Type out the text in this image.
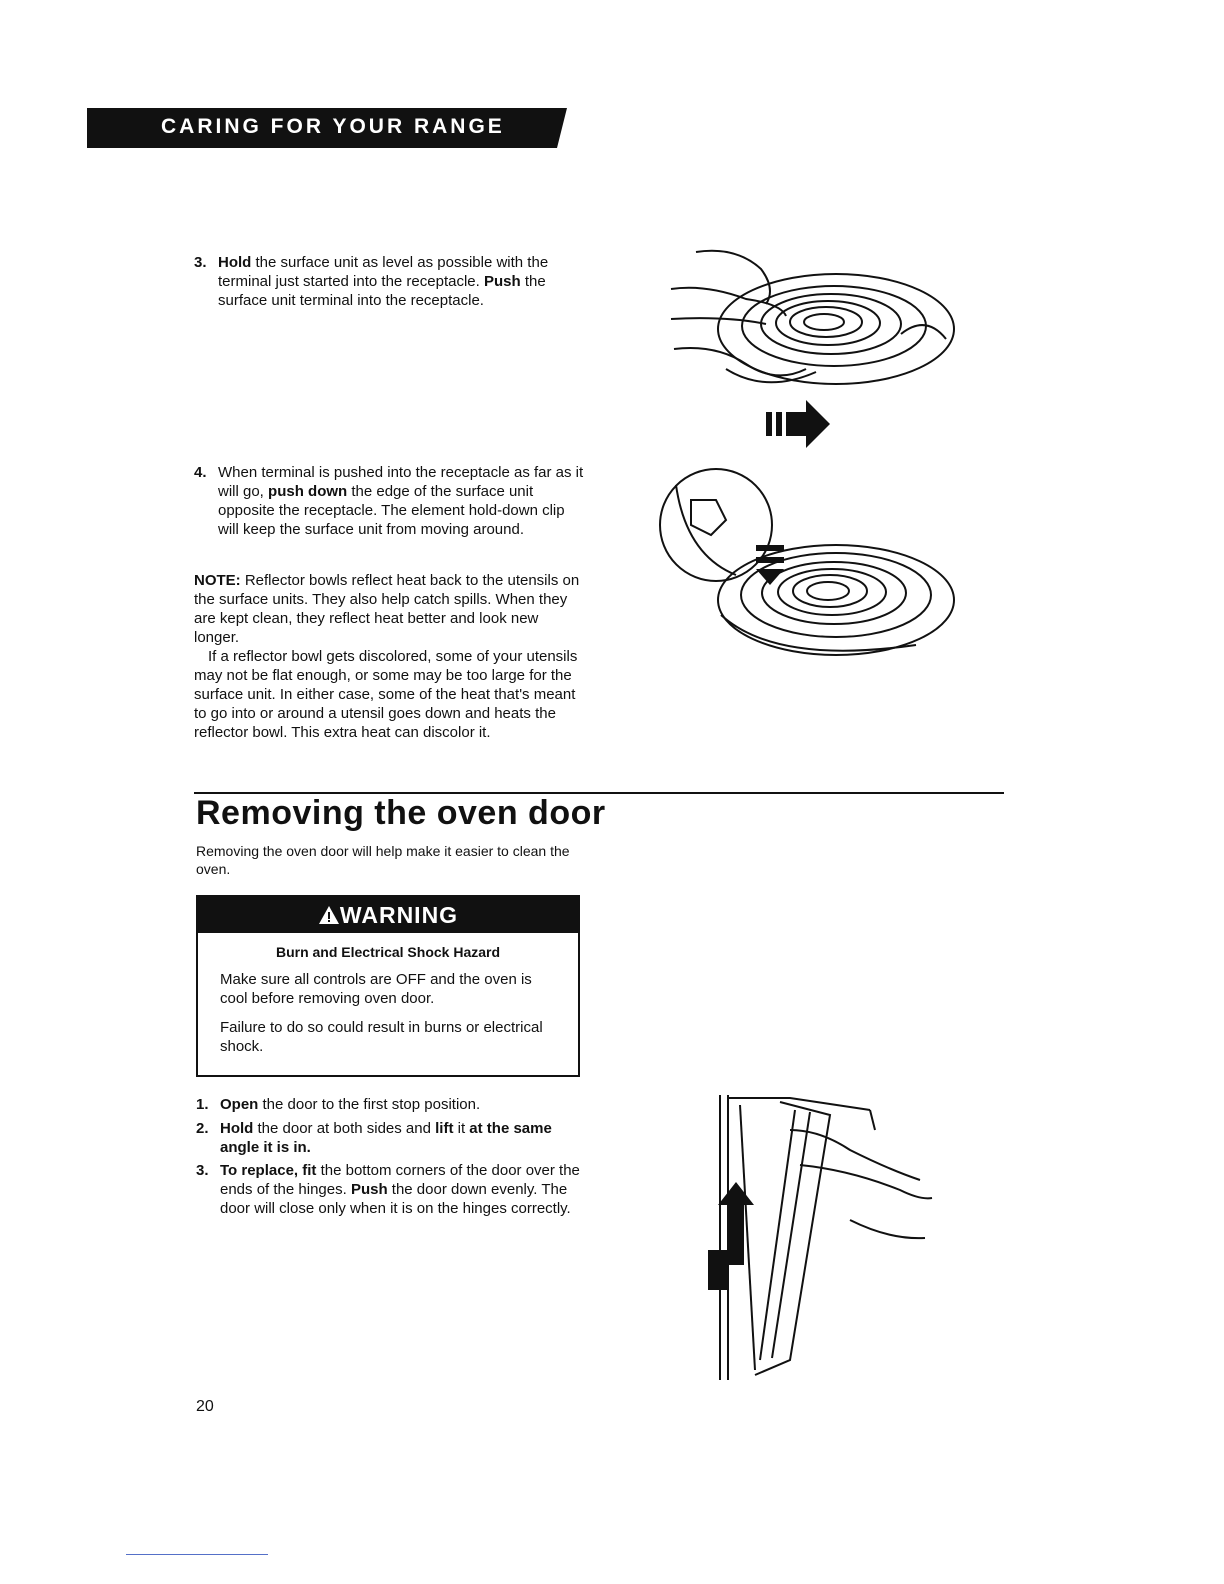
CARING FOR YOUR RANGE
3. Hold the surface unit as level as possible with the terminal just started into the receptacle. Push the surface unit terminal into the receptacle.
4. When terminal is pushed into the receptacle as far as it will go, push down the edge of the surface unit opposite the receptacle. The element hold-down clip will keep the surface unit from moving around.

NOTE: Reflector bowls reflect heat back to the utensils on the surface units. They also help catch spills. When they are kept clean, they reflect heat better and look new longer.

If a reflector bowl gets discolored, some of your utensils may not be flat enough, or some may be too large for the surface unit. In either case, some of the heat that's meant to go into or around a utensil goes down and heats the reflector bowl. This extra heat can discolor it.

Removing the oven door
Removing the oven door will help make it easier to clean the oven.
WARNING
Burn and Electrical Shock Hazard
Make sure all controls are OFF and the oven is cool before removing oven door.
Failure to do so could result in burns or electrical shock.
1. Open the door to the first stop position.
2. Hold the door at both sides and lift it at the same angle it is in.
3. To replace, fit the bottom corners of the door over the ends of the hinges. Push the door down evenly. The door will close only when it is on the hinges correctly.
20
